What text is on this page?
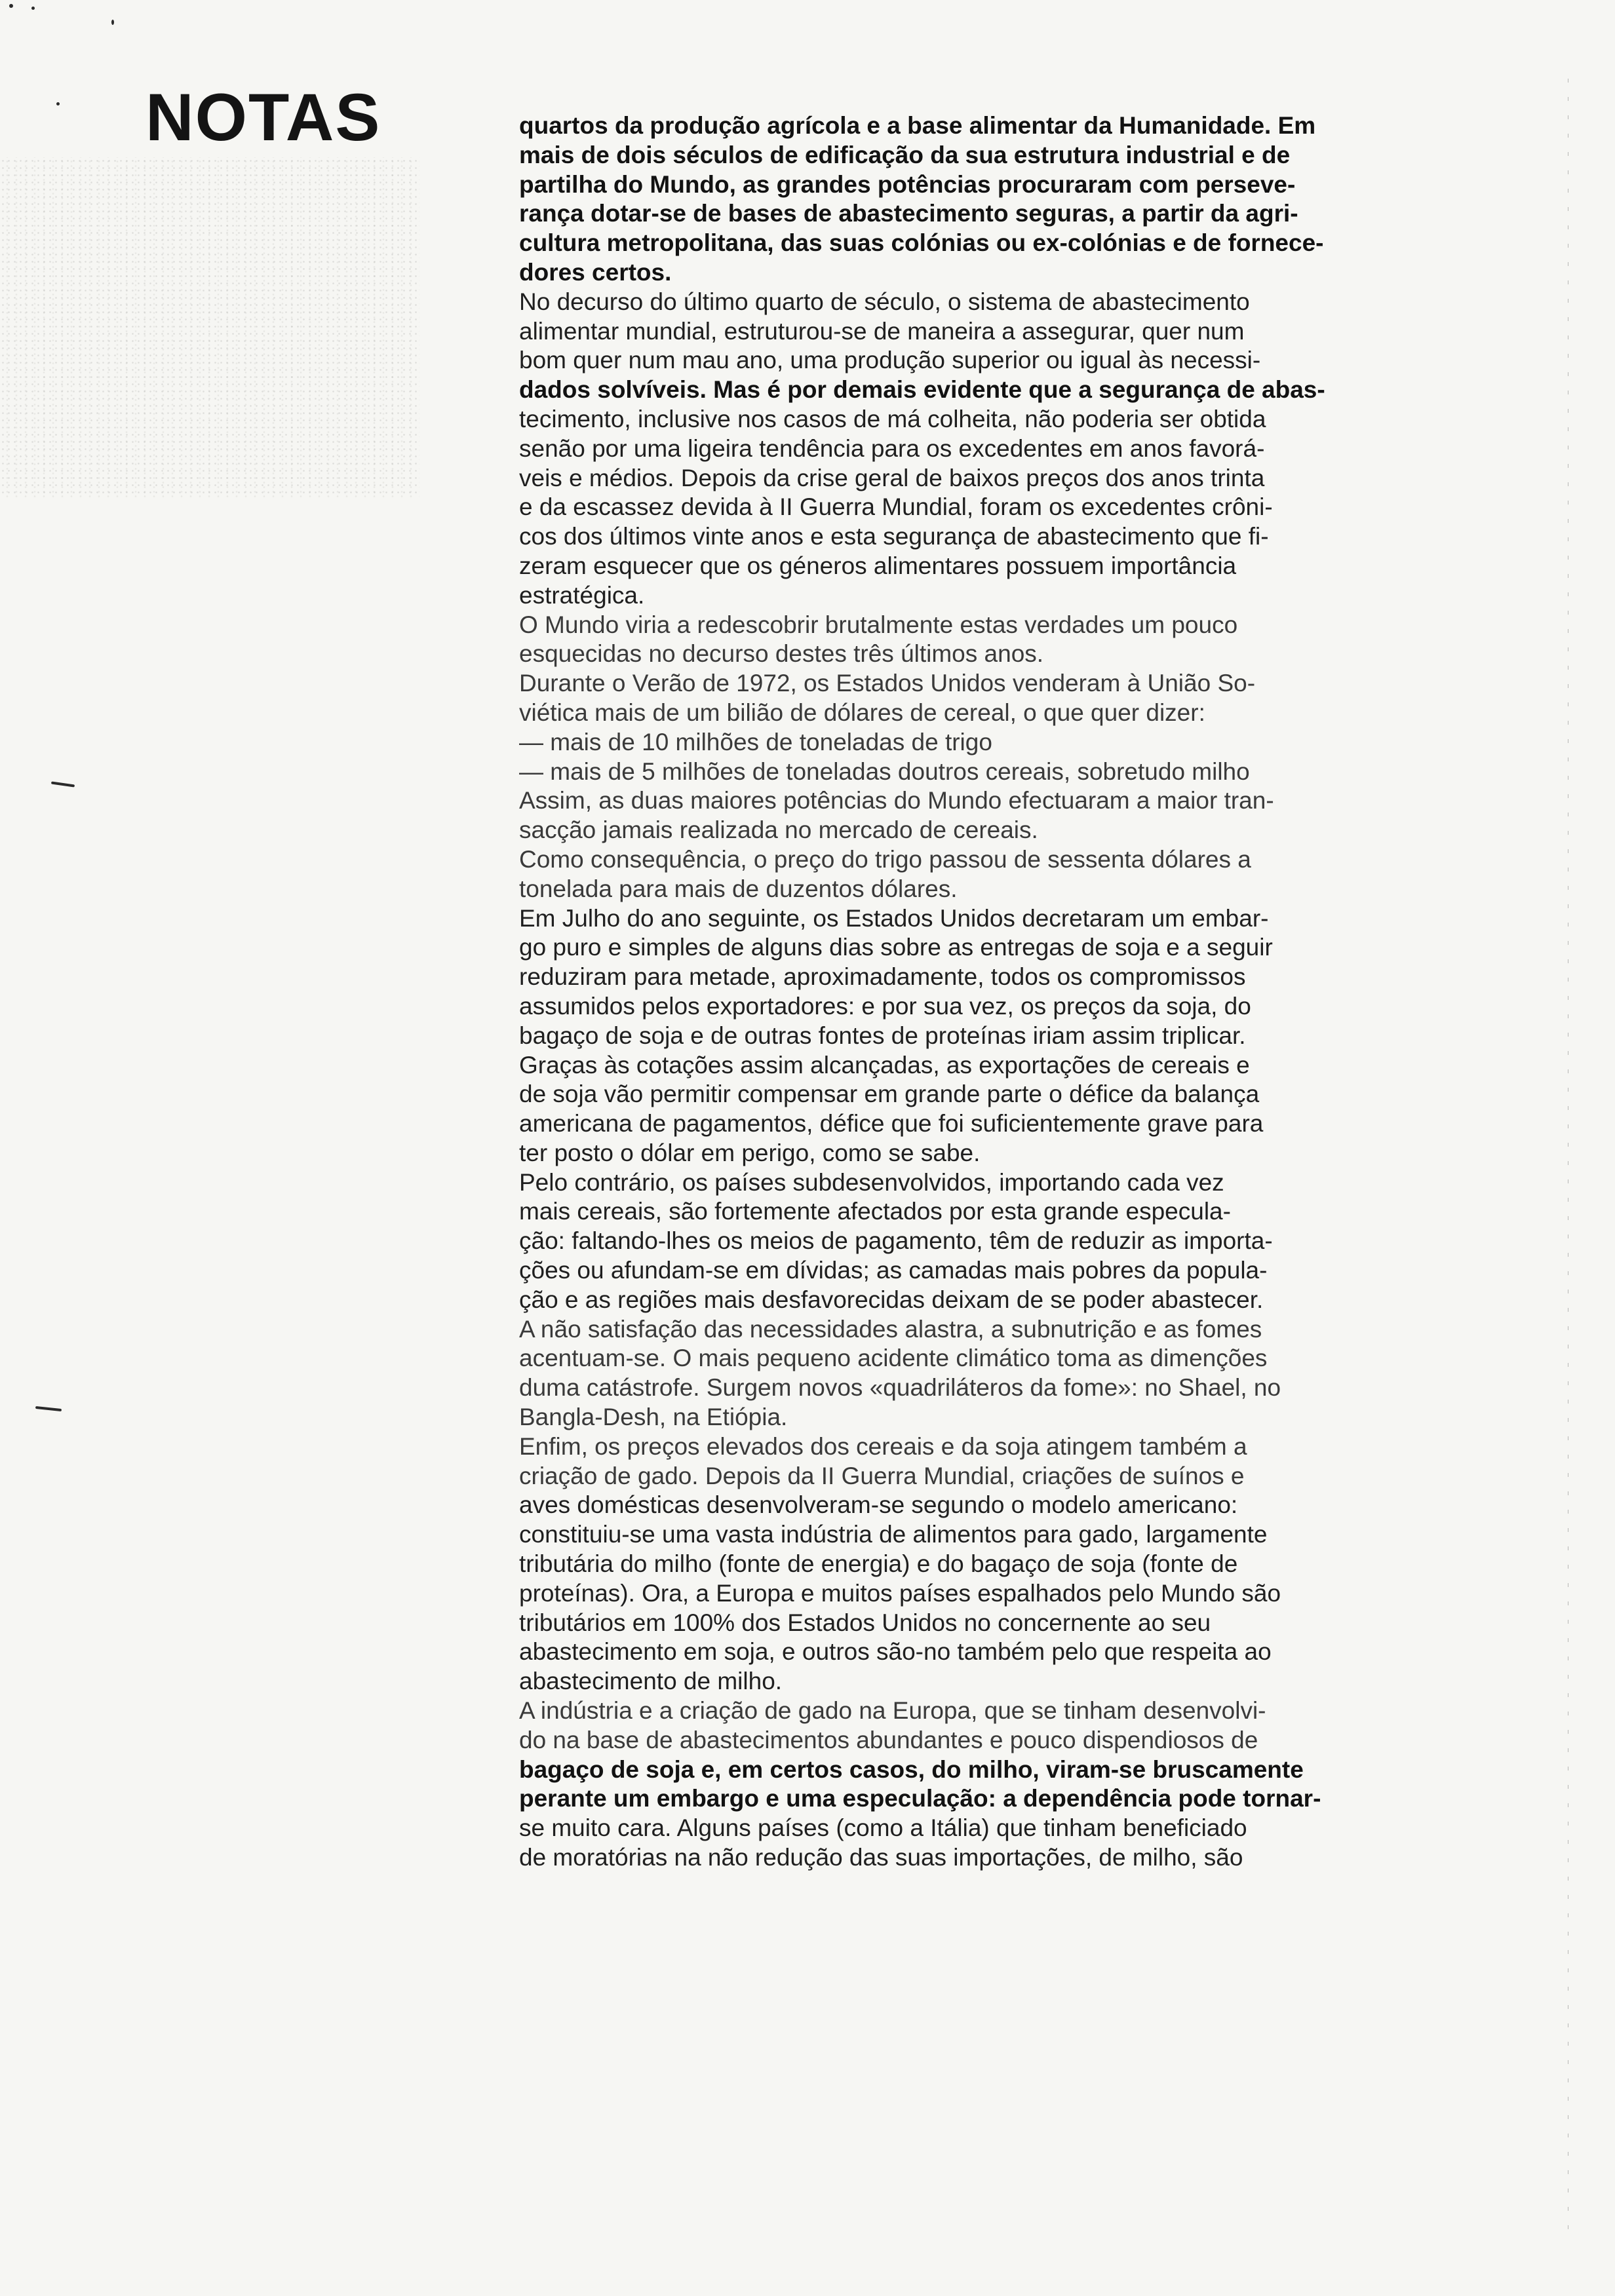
NOTAS	quartos da produção agrícola e a base alimentar da Humanidade. Em
mais de dois séculos de edificação da sua estrutura industrial e de
partilha do Mundo, as grandes potências procuraram com perseve-
rança dotar-se de bases de abastecimento seguras, a partir da agri-
cultura metropolitana, das suas colónias ou ex-colónias e de fornece-
dores certos.
No decurso do último quarto de século, o sistema de abastecimento
alimentar mundial, estruturou-se de maneira a assegurar, quer num
bom quer num mau ano, uma produção superior ou igual às necessi-
dados solvíveis. Mas é por demais evidente que a segurança de abas-
tecimento, inclusive nos casos de má colheita, não poderia ser obtida
senão por uma ligeira tendência para os excedentes em anos favorá-
veis e médios. Depois da crise geral de baixos preços dos anos trinta
e da escassez devida à II Guerra Mundial, foram os excedentes crôni-
cos dos últimos vinte anos e esta segurança de abastecimento que fi-
zeram esquecer que os géneros alimentares possuem importância
estratégica.
O Mundo viria a redescobrir brutalmente estas verdades um pouco
esquecidas no decurso destes três últimos anos.
Durante o Verão de 1972, os Estados Unidos venderam à União So-
viética mais de um bilião de dólares de cereal, o que quer dizer:
— mais de 10 milhões de toneladas de trigo
— mais de 5 milhões de toneladas doutros cereais, sobretudo milho
Assim, as duas maiores potências do Mundo efectuaram a maior tran-
sacção jamais realizada no mercado de cereais.
Como consequência, o preço do trigo passou de sessenta dólares a
tonelada para mais de duzentos dólares.
Em Julho do ano seguinte, os Estados Unidos decretaram um embar-
go puro e simples de alguns dias sobre as entregas de soja e a seguir
reduziram para metade, aproximadamente, todos os compromissos
assumidos pelos exportadores: e por sua vez, os preços da soja, do
bagaço de soja e de outras fontes de proteínas iriam assim triplicar.
Graças às cotações assim alcançadas, as exportações de cereais e
de soja vão permitir compensar em grande parte o défice da balança
americana de pagamentos, défice que foi suficientemente grave para
ter posto o dólar em perigo, como se sabe.
Pelo contrário, os países subdesenvolvidos, importando cada vez
mais cereais, são fortemente afectados por esta grande especula-
ção: faltando-lhes os meios de pagamento, têm de reduzir as importa-
ções ou afundam-se em dívidas; as camadas mais pobres da popula-
ção e as regiões mais desfavorecidas deixam de se poder abastecer.
A não satisfação das necessidades alastra, a subnutrição e as fomes
acentuam-se. O mais pequeno acidente climático toma as dimenções
duma catástrofe. Surgem novos «quadriláteros da fome»: no Shael, no
Bangla-Desh, na Etiópia.
Enfim, os preços elevados dos cereais e da soja atingem também a
criação de gado. Depois da II Guerra Mundial, criações de suínos e
aves domésticas desenvolveram-se segundo o modelo americano:
constituiu-se uma vasta indústria de alimentos para gado, largamente
tributária do milho (fonte de energia) e do bagaço de soja (fonte de
proteínas). Ora, a Europa e muitos países espalhados pelo Mundo são
tributários em 100% dos Estados Unidos no concernente ao seu
abastecimento em soja, e outros são-no também pelo que respeita ao
abastecimento de milho.
A indústria e a criação de gado na Europa, que se tinham desenvolvi-
do na base de abastecimentos abundantes e pouco dispendiosos de
bagaço de soja e, em certos casos, do milho, viram-se bruscamente
perante um embargo e uma especulação: a dependência pode tornar-
se muito cara. Alguns países (como a Itália) que tinham beneficiado
de moratórias na não redução das suas importações, de milho, são
